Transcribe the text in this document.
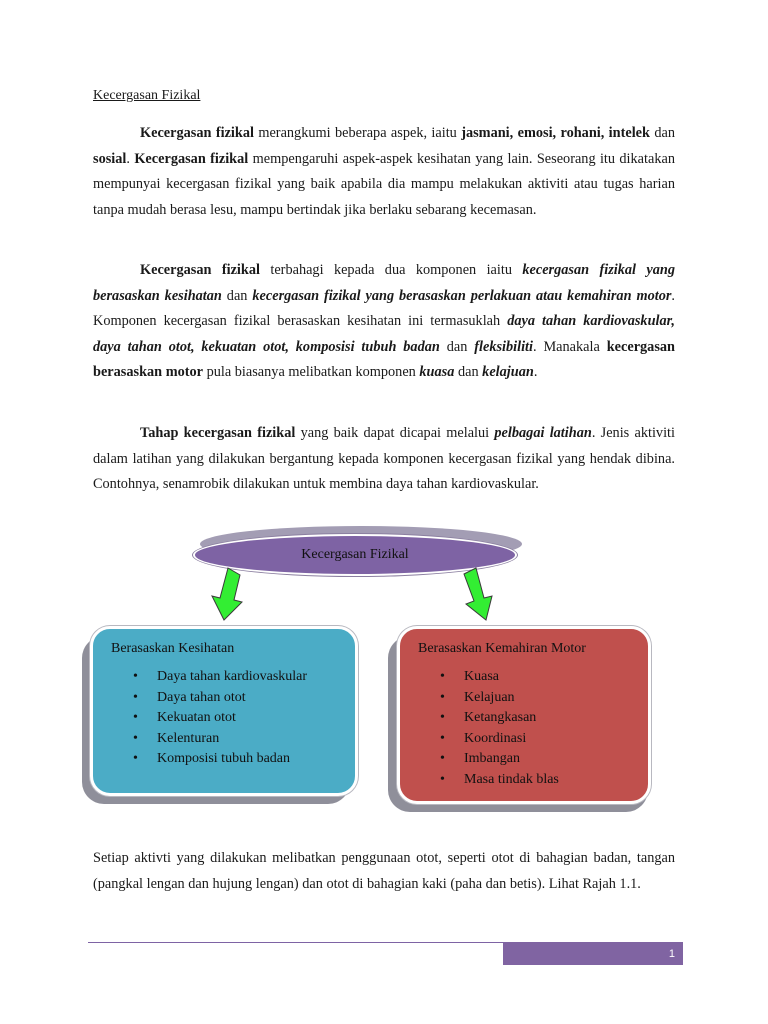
Kecergasan Fizikal

Kecergasan fizikal merangkumi beberapa aspek, iaitu jasmani, emosi, rohani, intelek dan sosial. Kecergasan fizikal mempengaruhi aspek-aspek kesihatan yang lain. Seseorang itu dikatakan mempunyai kecergasan fizikal yang baik apabila dia mampu melakukan aktiviti atau tugas harian tanpa mudah berasa lesu, mampu bertindak jika berlaku sebarang kecemasan.

Kecergasan fizikal terbahagi kepada dua komponen iaitu kecergasan fizikal yang berasaskan kesihatan dan kecergasan fizikal yang berasaskan perlakuan atau kemahiran motor. Komponen kecergasan fizikal berasaskan kesihatan ini termasuklah daya tahan kardiovaskular, daya tahan otot, kekuatan otot, komposisi tubuh badan dan fleksibiliti. Manakala kecergasan berasaskan motor pula biasanya melibatkan komponen kuasa dan kelajuan.

Tahap kecergasan fizikal yang baik dapat dicapai melalui pelbagai latihan. Jenis aktiviti dalam latihan yang dilakukan bergantung kepada komponen kecergasan fizikal yang hendak dibina. Contohnya, senamrobik dilakukan untuk membina daya tahan kardiovaskular.

Kecergasan Fizikal
Berasaskan Kesihatan
• Daya tahan kardiovaskular
• Daya tahan otot
• Kekuatan otot
• Kelenturan
• Komposisi tubuh badan
Berasaskan Kemahiran Motor
• Kuasa
• Kelajuan
• Ketangkasan
• Koordinasi
• Imbangan
• Masa tindak blas

Setiap aktivti yang dilakukan melibatkan penggunaan otot, seperti otot di bahagian badan, tangan (pangkal lengan dan hujung lengan) dan otot di bahagian kaki (paha dan betis). Lihat Rajah 1.1.

1
